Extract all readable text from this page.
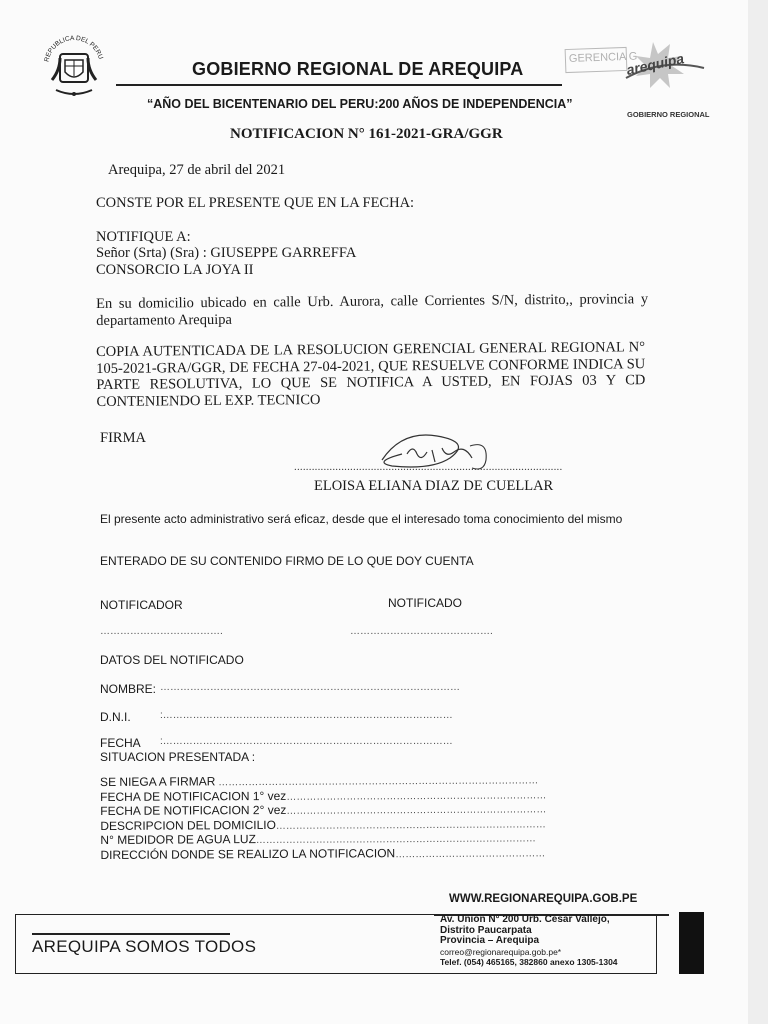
REPUBLICA DEL PERU
GOBIERNO REGIONAL DE AREQUIPA
“AÑO DEL BICENTENARIO DEL PERU:200 AÑOS DE INDEPENDENCIA”
GERENCIA G
arequipa
GOBIERNO REGIONAL
NOTIFICACION N° 161-2021-GRA/GGR
Arequipa, 27 de abril del 2021
CONSTE POR EL PRESENTE QUE EN LA FECHA:
NOTIFIQUE A:
Señor (Srta) (Sra) : GIUSEPPE GARREFFA
CONSORCIO LA JOYA II
En su domicilio ubicado en calle Urb. Aurora, calle Corrientes S/N, distrito,, provincia y departamento Arequipa
COPIA AUTENTICADA DE LA RESOLUCION GERENCIAL GENERAL REGIONAL N° 105-2021-GRA/GGR, DE FECHA 27-04-2021, QUE RESUELVE CONFORME INDICA SU PARTE RESOLUTIVA, LO QUE SE NOTIFICA A USTED, EN FOJAS 03 Y CD CONTENIENDO EL EXP. TECNICO
FIRMA
...........................................................................................
ELOISA ELIANA DIAZ DE CUELLAR
El presente acto administrativo será eficaz, desde que el interesado toma conocimiento del mismo
ENTERADO DE SU CONTENIDO FIRMO DE LO QUE DOY CUENTA
NOTIFICADOR	NOTIFICADO
……………………………….	…………………………………….
DATOS DEL NOTIFICADO
NOMBRE: ………………………………………………………………………………
D.N.I.	:……………………………………………………………………………
FECHA :……………………………………………………………………………
SITUACION PRESENTADA :
SE NIEGA A FIRMAR ……………………………………………………………………………………
FECHA DE NOTIFICACION 1° vez……………………………………………………………………
FECHA DE NOTIFICACION 2° vez……………………………………………………………………
DESCRIPCION DEL DOMICILIO………………………………………………………………………
N° MEDIDOR DE AGUA LUZ…………………………………………………………………………
DIRECCIÓN DONDE SE REALIZO LA NOTIFICACION………………………………………
WWW.REGIONAREQUIPA.GOB.PE
AREQUIPA SOMOS TODOS
Av. Union N° 200 Urb. Cesar Vallejo,
Distrito Paucarpata
Provincia – Arequipa
correo@regionarequipa.gob.pe*
Telef. (054) 465165, 382860 anexo 1305-1304
